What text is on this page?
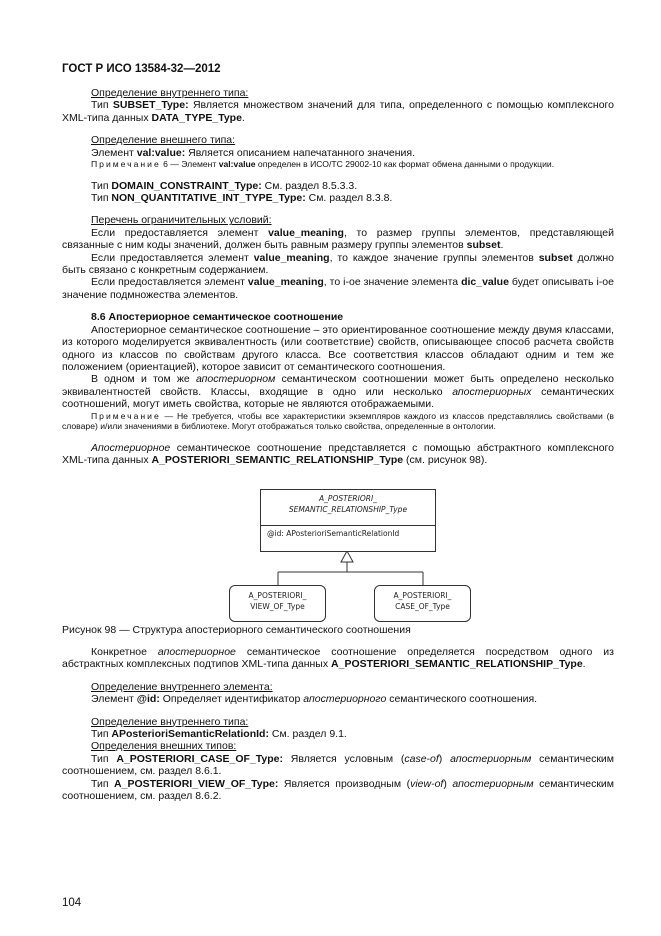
ГОСТ Р ИСО 13584-32—2012

Определение внутреннего типа:

Тип SUBSET_Type: Является множеством значений для типа, определенного с помощью комплексного XML-типа данных DATA_TYPE_Type.

Определение внешнего типа:

Элемент val:value: Является описанием напечатанного значения.

Примечание 6 — Элемент val:value определен в ИСО/ТС 29002-10 как формат обмена данными о продукции.

Тип DOMAIN_CONSTRAINT_Type: См. раздел 8.5.3.3.

Тип NON_QUANTITATIVE_INT_TYPE_Type: См. раздел 8.3.8.

Перечень ограничительных условий:

Если предоставляется элемент value_meaning, то размер группы элементов, представляющей связанные с ним коды значений, должен быть равным размеру группы элементов subset.

Если предоставляется элемент value_meaning, то каждое значение группы элементов subset должно быть связано с конкретным содержанием.

Если предоставляется элемент value_meaning, то i-ое значение элемента dic_value будет описывать i-ое значение подмножества элементов.

8.6 Апостериорное семантическое соотношение

Апостериорное семантическое соотношение – это ориентированное соотношение между двумя классами, из которого моделируется эквивалентность (или соответствие) свойств, описывающее способ расчета свойств одного из классов по свойствам другого класса. Все соответствия классов обладают одним и тем же положением (ориентацией), которое зависит от семантического соотношения.

В одном и том же апостериорном семантическом соотношении может быть определено несколько эквивалентностей свойств. Классы, входящие в одно или несколько апостериорных семантических соотношений, могут иметь свойства, которые не являются отображаемыми.

Примечание — Не требуется, чтобы все характеристики экземпляров каждого из классов представлялись свойствами (в словаре) и/или значениями в библиотеке. Могут отображаться только свойства, определенные в онтологии.

Апостериорное семантическое соотношение представляется с помощью абстрактного комплексного XML-типа данных A_POSTERIORI_SEMANTIC_RELATIONSHIP_Type (см. рисунок 98).

A_POSTERIORI_
SEMANTIC_RELATIONSHIP_Type
@id: APosterioriSemanticRelationId
A_POSTERIORI_
VIEW_OF_Type
A_POSTERIORI_
CASE_OF_Type

Рисунок 98 — Структура апостериорного семантического соотношения

Конкретное апостериорное семантическое соотношение определяется посредством одного из абстрактных комплексных подтипов XML-типа данных A_POSTERIORI_SEMANTIC_RELATIONSHIP_Type.

Определение внутреннего элемента:

Элемент @id: Определяет идентификатор апостериорного семантического соотношения.

Определение внутреннего типа:

Тип APosterioriSemanticRelationId: См. раздел 9.1.

Определения внешних типов:

Тип A_POSTERIORI_CASE_OF_Type: Является условным (case-of) апостериорным семантическим соотношением, см. раздел 8.6.1.

Тип A_POSTERIORI_VIEW_OF_Type: Является производным (view-of) апостериорным семантическим соотношением, см. раздел 8.6.2.

104
